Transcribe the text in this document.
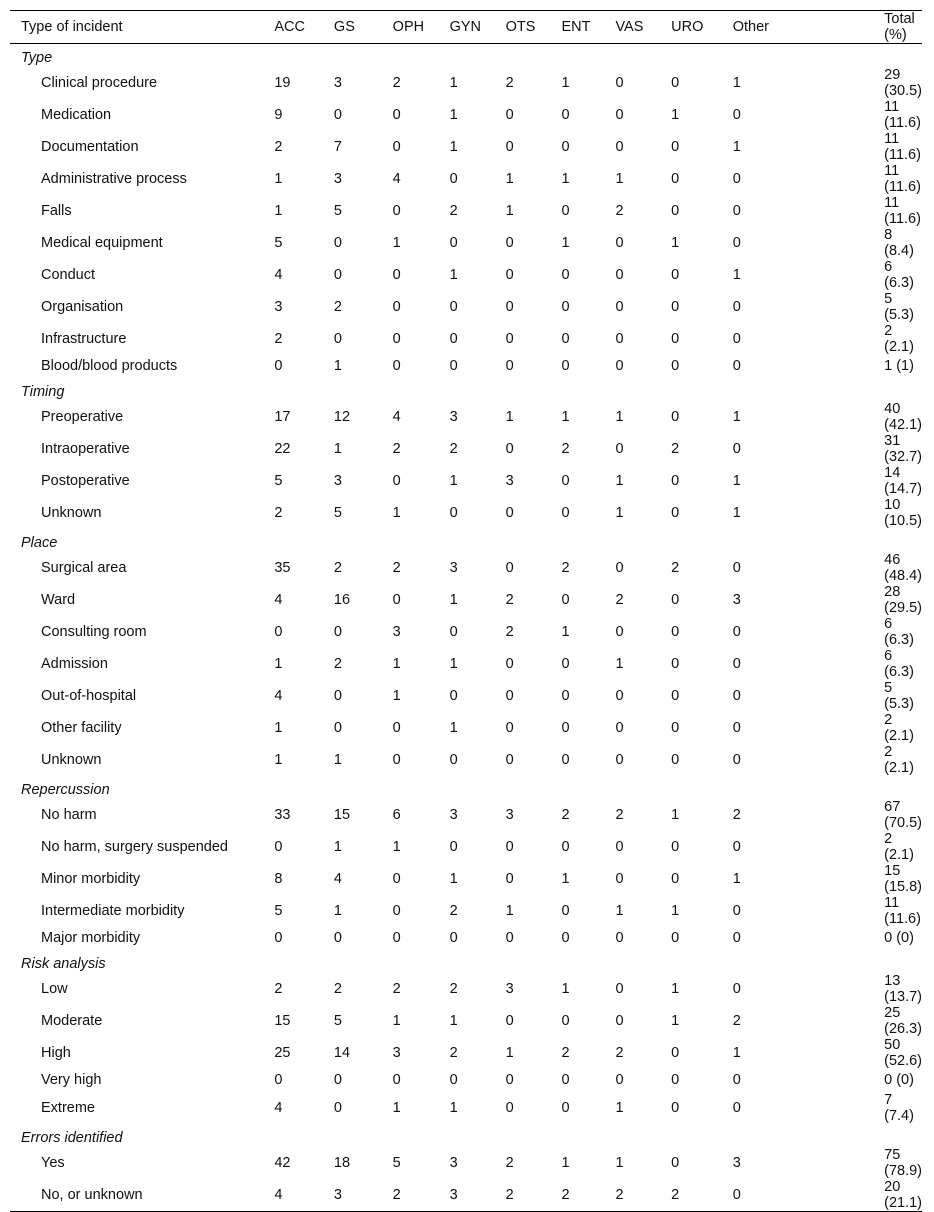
Type of incident	ACC	GS	OPH	GYN	OTS	ENT	VAS	URO	Other	Total (%)
Type										
Clinical procedure	19	3	2	1	2	1	0	0	1	29 (30.5)
Medication	9	0	0	1	0	0	0	1	0	11 (11.6)
Documentation	2	7	0	1	0	0	0	0	1	11 (11.6)
Administrative process	1	3	4	0	1	1	1	0	0	11 (11.6)
Falls	1	5	0	2	1	0	2	0	0	11 (11.6)
Medical equipment	5	0	1	0	0	1	0	1	0	8 (8.4)
Conduct	4	0	0	1	0	0	0	0	1	6 (6.3)
Organisation	3	2	0	0	0	0	0	0	0	5 (5.3)
Infrastructure	2	0	0	0	0	0	0	0	0	2 (2.1)
Blood/blood products	0	1	0	0	0	0	0	0	0	1 (1)
Timing										
Preoperative	17	12	4	3	1	1	1	0	1	40 (42.1)
Intraoperative	22	1	2	2	0	2	0	2	0	31 (32.7)
Postoperative	5	3	0	1	3	0	1	0	1	14 (14.7)
Unknown	2	5	1	0	0	0	1	0	1	10 (10.5)
Place										
Surgical area	35	2	2	3	0	2	0	2	0	46 (48.4)
Ward	4	16	0	1	2	0	2	0	3	28 (29.5)
Consulting room	0	0	3	0	2	1	0	0	0	6 (6.3)
Admission	1	2	1	1	0	0	1	0	0	6 (6.3)
Out-of-hospital	4	0	1	0	0	0	0	0	0	5 (5.3)
Other facility	1	0	0	1	0	0	0	0	0	2 (2.1)
Unknown	1	1	0	0	0	0	0	0	0	2 (2.1)
Repercussion										
No harm	33	15	6	3	3	2	2	1	2	67 (70.5)
No harm, surgery suspended	0	1	1	0	0	0	0	0	0	2 (2.1)
Minor morbidity	8	4	0	1	0	1	0	0	1	15 (15.8)
Intermediate morbidity	5	1	0	2	1	0	1	1	0	11 (11.6)
Major morbidity	0	0	0	0	0	0	0	0	0	0 (0)
Risk analysis										
Low	2	2	2	2	3	1	0	1	0	13 (13.7)
Moderate	15	5	1	1	0	0	0	1	2	25 (26.3)
High	25	14	3	2	1	2	2	0	1	50 (52.6)
Very high	0	0	0	0	0	0	0	0	0	0 (0)
Extreme	4	0	1	1	0	0	1	0	0	7 (7.4)
Errors identified										
Yes	42	18	5	3	2	1	1	0	3	75 (78.9)
No, or unknown	4	3	2	3	2	2	2	2	0	20 (21.1)
